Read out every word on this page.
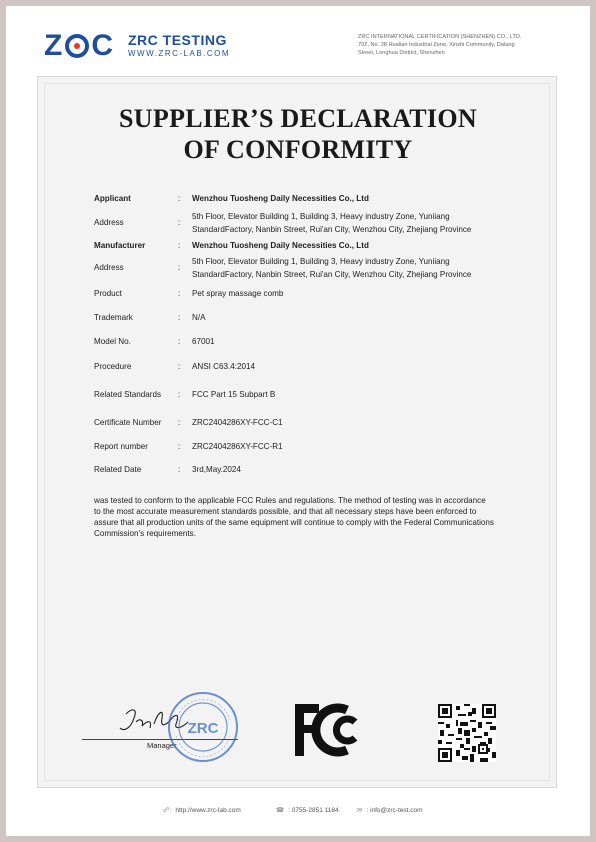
Z C ZRC TESTING
WWW.ZRC-LAB.COM
ZRC INTERNATIONAL CERTIFICATION (SHENZHEN) CO., LTD.
702, No. 28 Hualian Industrial Zone, Xinshi Community, Dalang
Street, Longhua District, Shenzhen
SUPPLIER’S DECLARATION
OF CONFORMITY
Applicant	: Wenzhou Tuosheng Daily Necessities Co., Ltd
Address	:
5th Floor, Elevator Building 1, Building 3, Heavy industry Zone, Yuniiang
StandardFactory, Nanbin Street, Rui'an City, Wenzhou City, Zhejiang Province
Manufacturer	: Wenzhou Tuosheng Daily Necessities Co., Ltd
Address	:
5th Floor, Elevator Building 1, Building 3, Heavy industry Zone, Yuniiang
StandardFactory, Nanbin Street, Rui'an City, Wenzhou City, Zhejiang Province
Product	: Pet spray massage comb
Trademark	: N/A
Model No.	: 67001
Procedure	: ANSI C63.4:2014
Related Standards : FCC Part 15 Subpart B
Certificate Number : ZRC2404286XY-FCC-C1
Report number	: ZRC2404286XY-FCC-R1
Related Date	: 3rd,May.2024
was tested to conform to the applicable FCC Rules and regulations. The method of testing was in accordance to the most accurate measurement standards possible, and that all necessary steps have been enforced to assure that all production units of the same equipment will continue to comply with the Federal Communications Commission’s requirements.
Manager
ZRC
☍: http://www.zrc-lab.com	☎ : 0755-2851 1184	✉ : info@zrc-test.com
